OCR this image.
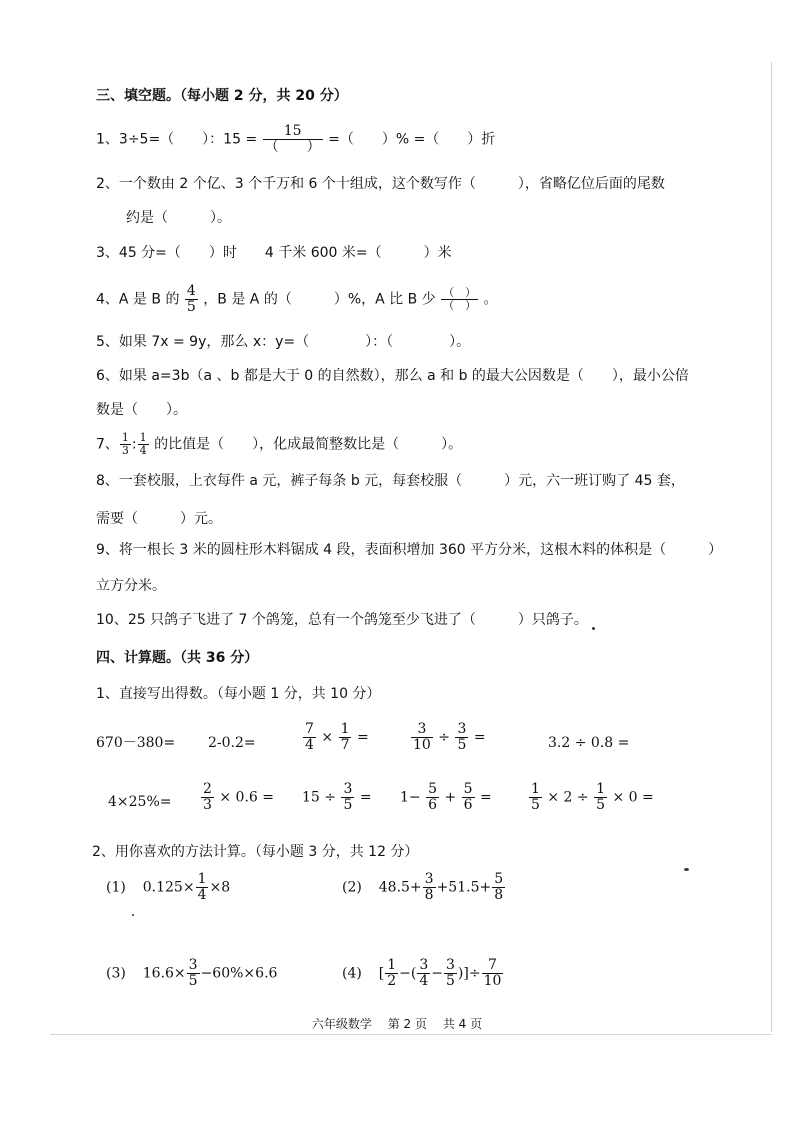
三、填空题。（每小题 2 分，共 20 分）
1、3÷5=（　　）：$15 = \frac{15}{( )}$ =（　　）% =（　　）折
2、一个数由 2 个亿、3 个千万和 6 个十组成，这个数写作（　　　），省略亿位后面的尾数
约是（　　　）。
3、45 分=（　　）时　　4 千米 600 米=（　　　）米
4、A 是 B 的 $\frac{4}{5}$ ，B 是 A 的（　　　）%，A 比 B 少 $\frac{( )}{( )}$ 。
5、如果 7x = 9y，那么 x：y=（　　　　）：（　　　　）。
6、如果 a=3b（a 、b 都是大于 0 的自然数），那么 a 和 b 的最大公因数是（　　），最小公倍
数是（　　）。
7、 $\frac{1}{3}$ : $\frac{1}{4}$ 的比值是（　　），化成最简整数比是（　　　）。
8、一套校服，上衣每件 a 元，裤子每条 b 元，每套校服（　　　）元，六一班订购了 45 套，
需要（　　　）元。
9、将一根长 3 米的圆柱形木料锯成 4 段，表面积增加 360 平方分米，这根木料的体积是（　　　）
立方分米。
10、25 只鸽子飞进了 7 个鸽笼，总有一个鸽笼至少飞进了（　　　）只鸽子。
四、计算题。（共 36 分）
1、直接写出得数。（每小题 1 分，共 10 分）
670－380= 2-0.2=	$\frac{7}{4} \times \frac{1}{7}$ =	$\frac{3}{10} \div \frac{3}{5}$ =	3.2 ÷ 0.8 =
$4\times 25\%= \frac{2}{3} \times 0.6 = 15 \div \frac{3}{5} = 1- \frac{5}{6} + \frac{5}{6}$ =	$\frac{1}{5} \times 2 \div \frac{1}{5} \times 0$ =
2、用你喜欢的方法计算。（每小题 3 分，共 12 分）
(1) $0.125\times \frac{1}{4} \times 8$	(2) $48.5+ \frac{3}{8} +51.5+ \frac{5}{8}$
(3) $16.6\times \frac{3}{5} -60\%\times 6.6$	(4) [ $\frac{1}{2}$ −( $\frac{3}{4} - \frac{3}{5}$ )]÷ $\frac{7}{10}$
六年级数学 第 2 页 共 4 页
